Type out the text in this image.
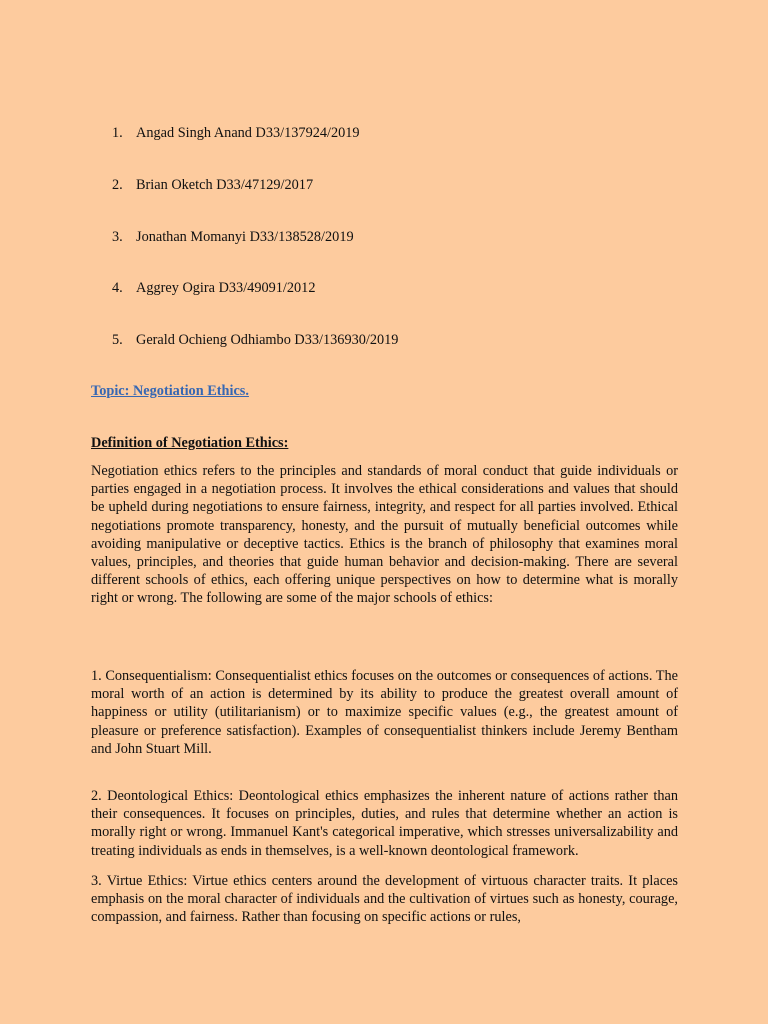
1. Angad Singh Anand D33/137924/2019
2. Brian Oketch D33/47129/2017
3. Jonathan Momanyi D33/138528/2019
4. Aggrey Ogira D33/49091/2012
5. Gerald Ochieng Odhiambo D33/136930/2019
Topic: Negotiation Ethics.
Definition of Negotiation Ethics:

Negotiation ethics refers to the principles and standards of moral conduct that guide individuals or parties engaged in a negotiation process. It involves the ethical considerations and values that should be upheld during negotiations to ensure fairness, integrity, and respect for all parties involved. Ethical negotiations promote transparency, honesty, and the pursuit of mutually beneficial outcomes while avoiding manipulative or deceptive tactics. Ethics is the branch of philosophy that examines moral values, principles, and theories that guide human behavior and decision-making. There are several different schools of ethics, each offering unique perspectives on how to determine what is morally right or wrong. The following are some of the major schools of ethics:

1. Consequentialism: Consequentialist ethics focuses on the outcomes or consequences of actions. The moral worth of an action is determined by its ability to produce the greatest overall amount of happiness or utility (utilitarianism) or to maximize specific values (e.g., the greatest amount of pleasure or preference satisfaction). Examples of consequentialist thinkers include Jeremy Bentham and John Stuart Mill.

2. Deontological Ethics: Deontological ethics emphasizes the inherent nature of actions rather than their consequences. It focuses on principles, duties, and rules that determine whether an action is morally right or wrong. Immanuel Kant's categorical imperative, which stresses universalizability and treating individuals as ends in themselves, is a well-known deontological framework.

3. Virtue Ethics: Virtue ethics centers around the development of virtuous character traits. It places emphasis on the moral character of individuals and the cultivation of virtues such as honesty, courage, compassion, and fairness. Rather than focusing on specific actions or rules,
